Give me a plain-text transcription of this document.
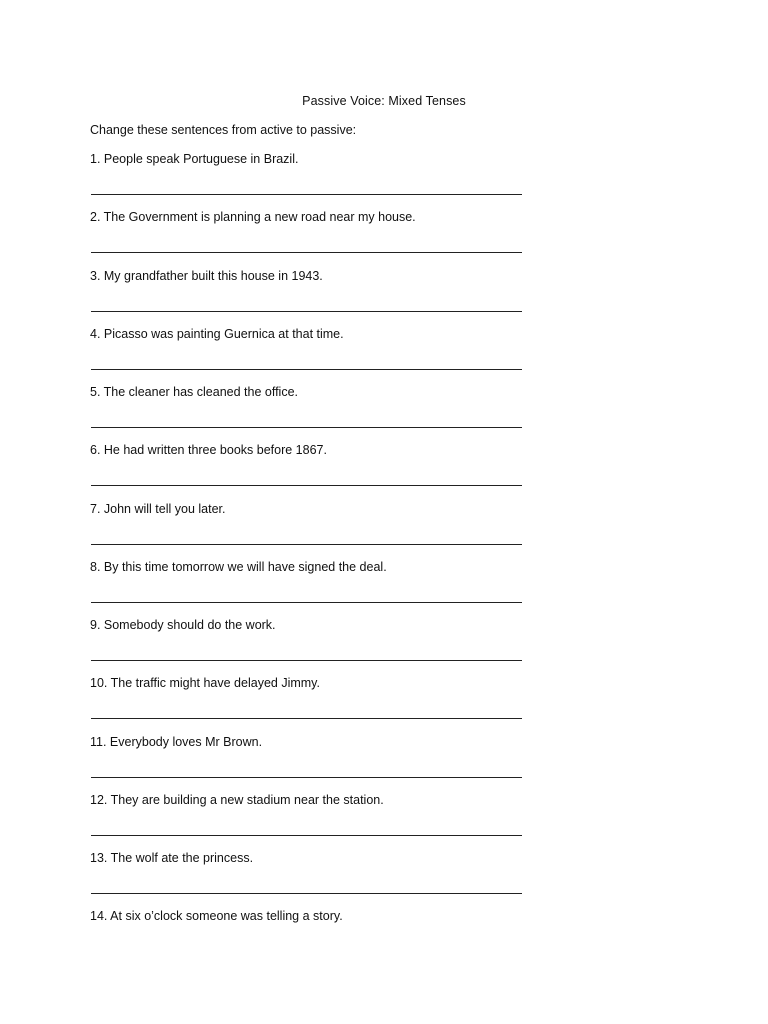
Passive Voice: Mixed Tenses

Change these sentences from active to passive:

1. People speak Portuguese in Brazil.

2. The Government is planning a new road near my house.

3. My grandfather built this house in 1943.

4. Picasso was painting Guernica at that time.

5. The cleaner has cleaned the office.

6. He had written three books before 1867.

7. John will tell you later.

8. By this time tomorrow we will have signed the deal.

9. Somebody should do the work.

10. The traffic might have delayed Jimmy.

11. Everybody loves Mr Brown.

12. They are building a new stadium near the station.

13. The wolf ate the princess.

14. At six o’clock someone was telling a story.
